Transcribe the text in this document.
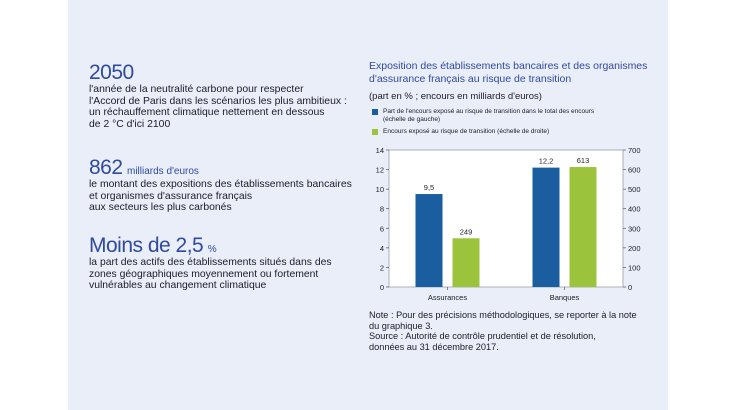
2050
l'année de la neutralité carbone pour respecter
l'Accord de Paris dans les scénarios les plus ambitieux :
un réchauffement climatique nettement en dessous
de 2 °C d'ici 2100
862 milliards d'euros
le montant des expositions des établissements bancaires
et organismes d'assurance français
aux secteurs les plus carbonés
Moins de 2,5 %
la part des actifs des établissements situés dans des
zones géographiques moyennement ou fortement
vulnérables au changement climatique
Exposition des établissements bancaires et des organismes
d'assurance français au risque de transition
(part en % ; encours en milliards d'euros)
Part de l'encours exposé au risque de transition dans le total des encours
(échelle de gauche)
Encours exposé au risque de transition (échelle de droite)
0
2
4
6
8
10
12
14
0
100
200
300
400
500
600
700
9,5
249
Assurances
12,2	613
Banques
Note : Pour des précisions méthodologiques, se reporter à la note
du graphique 3.
Source : Autorité de contrôle prudentiel et de résolution,
données au 31 décembre 2017.
